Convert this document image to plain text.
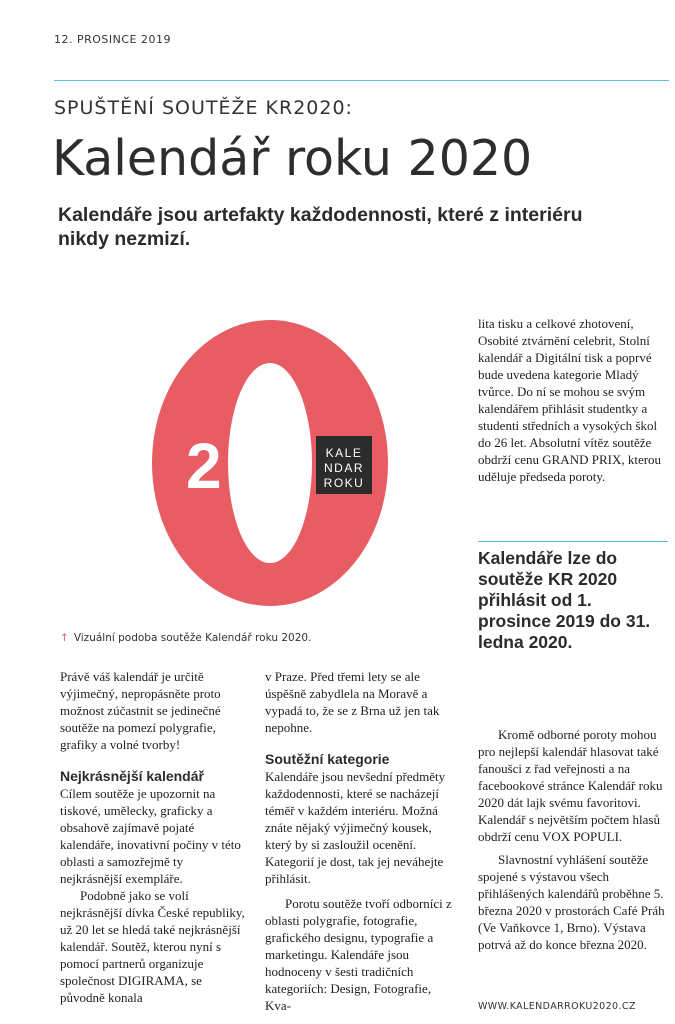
12. PROSINCE 2019
SPUŠTĚNÍ SOUTĚŽE KR2020:
Kalendář roku 2020
Kalendáře jsou artefakty každodennosti, které z interiéru nikdy nezmizí.
2	KALE
NDAR
ROKU
↑ Vizuální podoba soutěže Kalendář roku 2020.

Právě váš kalendář je určitě výjimečný, nepropásněte proto možnost zúčastnit se jedinečné soutěže na pomezí polygrafie, grafiky a volné tvorby!

Nejkrásnější kalendář

Cílem soutěže je upozornit na tiskové, umělecky, graficky a obsahově zajímavě pojaté kalendáře, inovativní počiny v této oblasti a samozřejmě ty nejkrásnější exempláře.

Podobně jako se volí nejkrásnější dívka České republiky, už 20 let se hledá také nejkrásnější kalendář. Soutěž, kterou nyní s pomocí partnerů organizuje společnost DIGIRAMA, se původně konala

v Praze. Před třemi lety se ale úspěšně zabydlela na Moravě a vypadá to, že se z Brna už jen tak nepohne.

Soutěžní kategorie

Kalendáře jsou nevšední předměty každodennosti, které se nacházejí téměř v každém interiéru. Možná znáte nějaký výjimečný kousek, který by si zasloužil ocenění. Kategorií je dost, tak jej neváhejte přihlásit.

Porotu soutěže tvoří odborníci z oblasti polygrafie, fotografie, grafického designu, typografie a marketingu. Kalendáře jsou hodnoceny v šesti tradičních kategoriích: Design, Fotografie, Kva-

lita tisku a celkové zhotovení, Osobité ztvárnění celebrit, Stolní kalendář a Digitální tisk a poprvé bude uvedena kategorie Mladý tvůrce. Do ní se mohou se svým kalendářem přihlásit studentky a studenti středních a vysokých škol do 26 let. Absolutní vítěz soutěže obdrží cenu GRAND PRIX, kterou uděluje předseda poroty.

Kalendáře lze do soutěže KR 2020 přihlásit od 1. prosince 2019 do 31. ledna 2020.

Kromě odborné poroty mohou pro nejlepší kalendář hlasovat také fanoušci z řad veřejnosti a na facebookové stránce Kalendář roku 2020 dát lajk svému favoritovi. Kalendář s největším počtem hlasů obdrží cenu VOX POPULI.

Slavnostní vyhlášení soutěže spojené s výstavou všech přihlášených kalendářů proběhne 5. března 2020 v prostorách Café Práh (Ve Vaňkovce 1, Brno). Výstava potrvá až do konce března 2020.

WWW.KALENDARROKU2020.CZ
